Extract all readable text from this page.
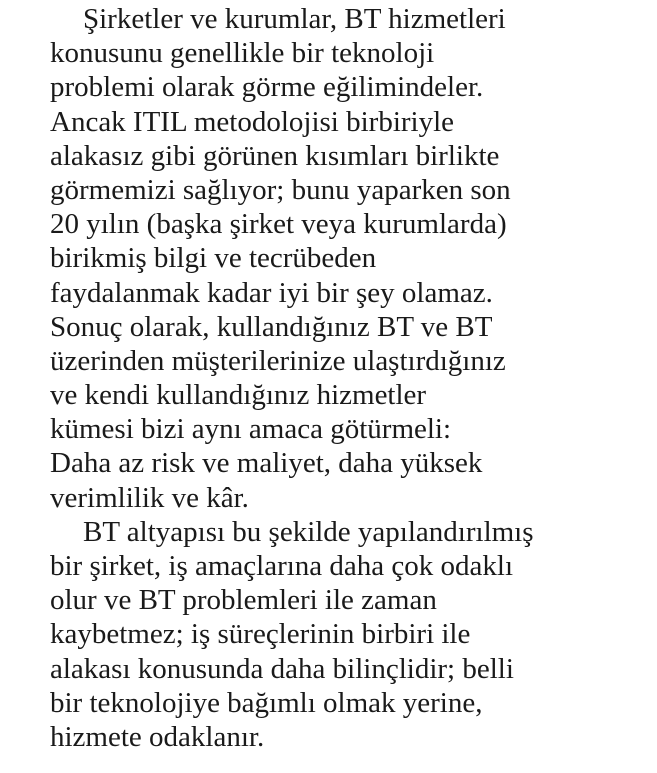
Şirketler ve kurumlar, BT hizmetleri
konusunu genellikle bir teknoloji
problemi olarak görme eğilimindeler.
Ancak ITIL metodolojisi birbiriyle
alakasız gibi görünen kısımları birlikte
görmemizi sağlıyor; bunu yaparken son
20 yılın (başka şirket veya kurumlarda)
birikmiş bilgi ve tecrübeden
faydalanmak kadar iyi bir şey olamaz.
Sonuç olarak, kullandığınız BT ve BT
üzerinden müşterilerinize ulaştırdığınız
ve kendi kullandığınız hizmetler
kümesi bizi aynı amaca götürmeli:
Daha az risk ve maliyet, daha yüksek
verimlilik ve kâr.
BT altyapısı bu şekilde yapılandırılmış
bir şirket, iş amaçlarına daha çok odaklı
olur ve BT problemleri ile zaman
kaybetmez; iş süreçlerinin birbiri ile
alakası konusunda daha bilinçlidir; belli
bir teknolojiye bağımlı olmak yerine,
hizmete odaklanır.
